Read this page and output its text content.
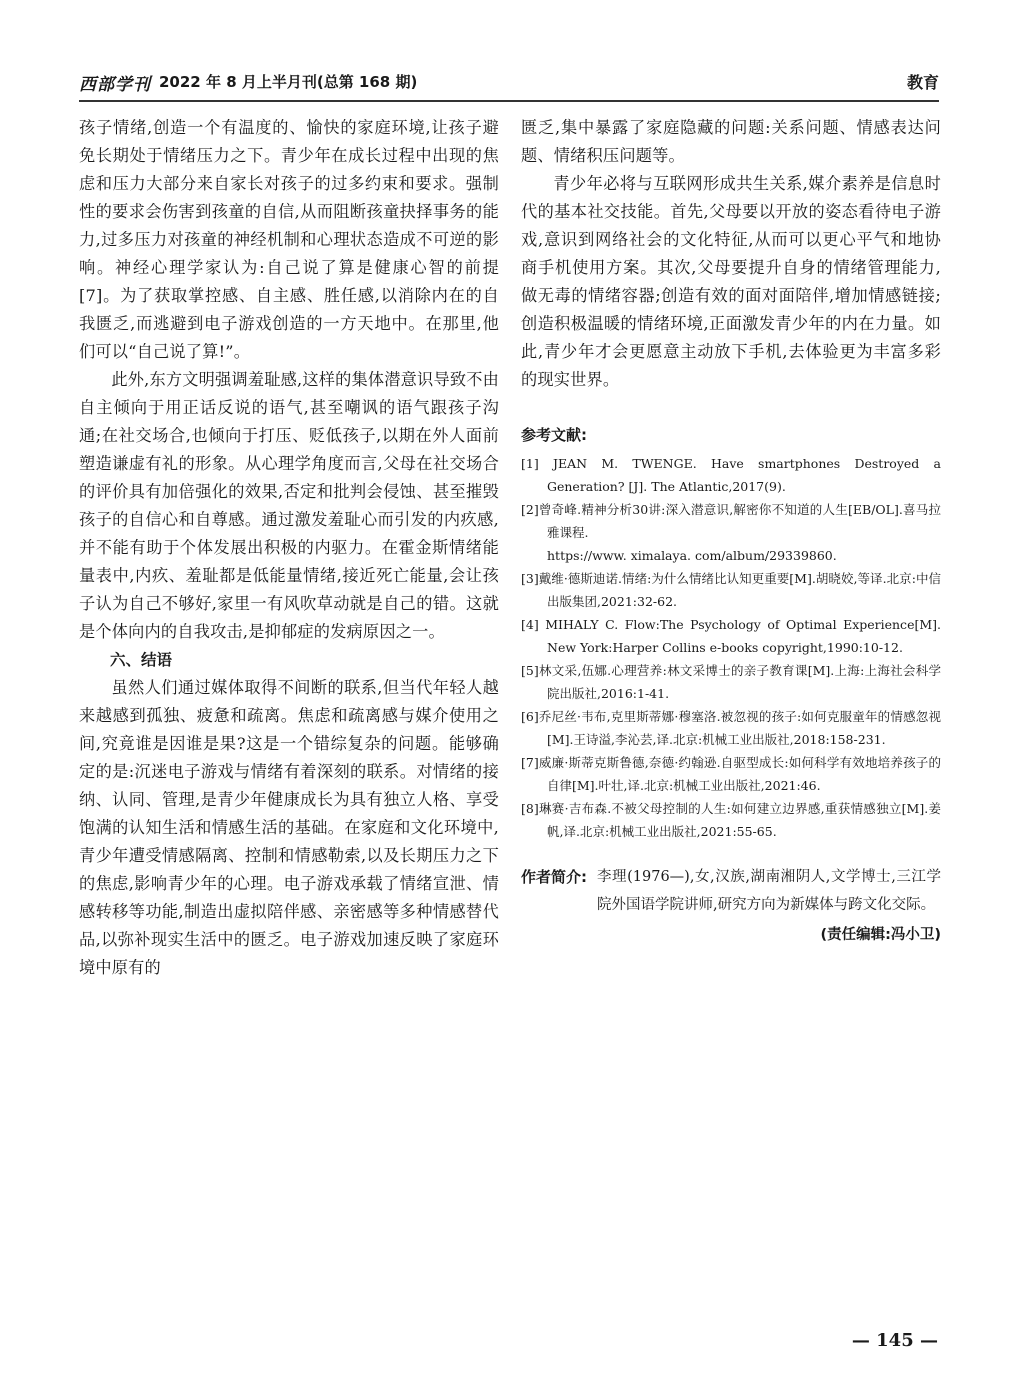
西部学刊 2022 年 8 月上半月刊(总第 168 期)	教育

孩子情绪,创造一个有温度的、愉快的家庭环境,让孩子避免长期处于情绪压力之下。青少年在成长过程中出现的焦虑和压力大部分来自家长对孩子的过多约束和要求。强制性的要求会伤害到孩童的自信,从而阻断孩童抉择事务的能力,过多压力对孩童的神经机制和心理状态造成不可逆的影响。神经心理学家认为:自己说了算是健康心智的前提[7]。为了获取掌控感、自主感、胜任感,以消除内在的自我匮乏,而逃避到电子游戏创造的一方天地中。在那里,他们可以“自己说了算!”。

此外,东方文明强调羞耻感,这样的集体潜意识导致不由自主倾向于用正话反说的语气,甚至嘲讽的语气跟孩子沟通;在社交场合,也倾向于打压、贬低孩子,以期在外人面前塑造谦虚有礼的形象。从心理学角度而言,父母在社交场合的评价具有加倍强化的效果,否定和批判会侵蚀、甚至摧毁孩子的自信心和自尊感。通过激发羞耻心而引发的内疚感,并不能有助于个体发展出积极的内驱力。在霍金斯情绪能量表中,内疚、羞耻都是低能量情绪,接近死亡能量,会让孩子认为自己不够好,家里一有风吹草动就是自己的错。这就是个体向内的自我攻击,是抑郁症的发病原因之一。

六、结语

虽然人们通过媒体取得不间断的联系,但当代年轻人越来越感到孤独、疲惫和疏离。焦虑和疏离感与媒介使用之间,究竟谁是因谁是果?这是一个错综复杂的问题。能够确定的是:沉迷电子游戏与情绪有着深刻的联系。对情绪的接纳、认同、管理,是青少年健康成长为具有独立人格、享受饱满的认知生活和情感生活的基础。在家庭和文化环境中,青少年遭受情感隔离、控制和情感勒索,以及长期压力之下的焦虑,影响青少年的心理。电子游戏承载了情绪宣泄、情感转移等功能,制造出虚拟陪伴感、亲密感等多种情感替代品,以弥补现实生活中的匮乏。电子游戏加速反映了家庭环境中原有的

匮乏,集中暴露了家庭隐藏的问题:关系问题、情感表达问题、情绪积压问题等。

青少年必将与互联网形成共生关系,媒介素养是信息时代的基本社交技能。首先,父母要以开放的姿态看待电子游戏,意识到网络社会的文化特征,从而可以更心平气和地协商手机使用方案。其次,父母要提升自身的情绪管理能力,做无毒的情绪容器;创造有效的面对面陪伴,增加情感链接;创造积极温暖的情绪环境,正面激发青少年的内在力量。如此,青少年才会更愿意主动放下手机,去体验更为丰富多彩的现实世界。

参考文献:

[1] JEAN M. TWENGE. Have smartphones Destroyed a Generation? [J]. The Atlantic,2017(9).

[2]曾奇峰.精神分析30讲:深入潜意识,解密你不知道的人生[EB/OL].喜马拉雅课程.
https://www. ximalaya. com/album/29339860.

[3]戴维·德斯迪诺.情绪:为什么情绪比认知更重要[M].胡晓姣,等译.北京:中信出版集团,2021:32-62.

[4] MIHALY C. Flow:The Psychology of Optimal Experience[M]. New York:Harper Collins e-books copyright,1990:10-12.

[5]林文采,伍娜.心理营养:林文采博士的亲子教育课[M].上海:上海社会科学院出版社,2016:1-41.

[6]乔尼丝·韦布,克里斯蒂娜·穆塞洛.被忽视的孩子:如何克服童年的情感忽视[M].王诗溢,李沁芸,译.北京:机械工业出版社,2018:158-231.

[7]威廉·斯蒂克斯鲁德,奈德·约翰逊.自驱型成长:如何科学有效地培养孩子的自律[M].叶壮,译.北京:机械工业出版社,2021:46.

[8]琳赛·吉布森.不被父母控制的人生:如何建立边界感,重获情感独立[M].姜帆,译.北京:机械工业出版社,2021:55-65.

作者简介: 李理(1976—),女,汉族,湖南湘阴人,文学博士,三江学院外国语学院讲师,研究方向为新媒体与跨文化交际。
(责任编辑:冯小卫)
— 145 —
